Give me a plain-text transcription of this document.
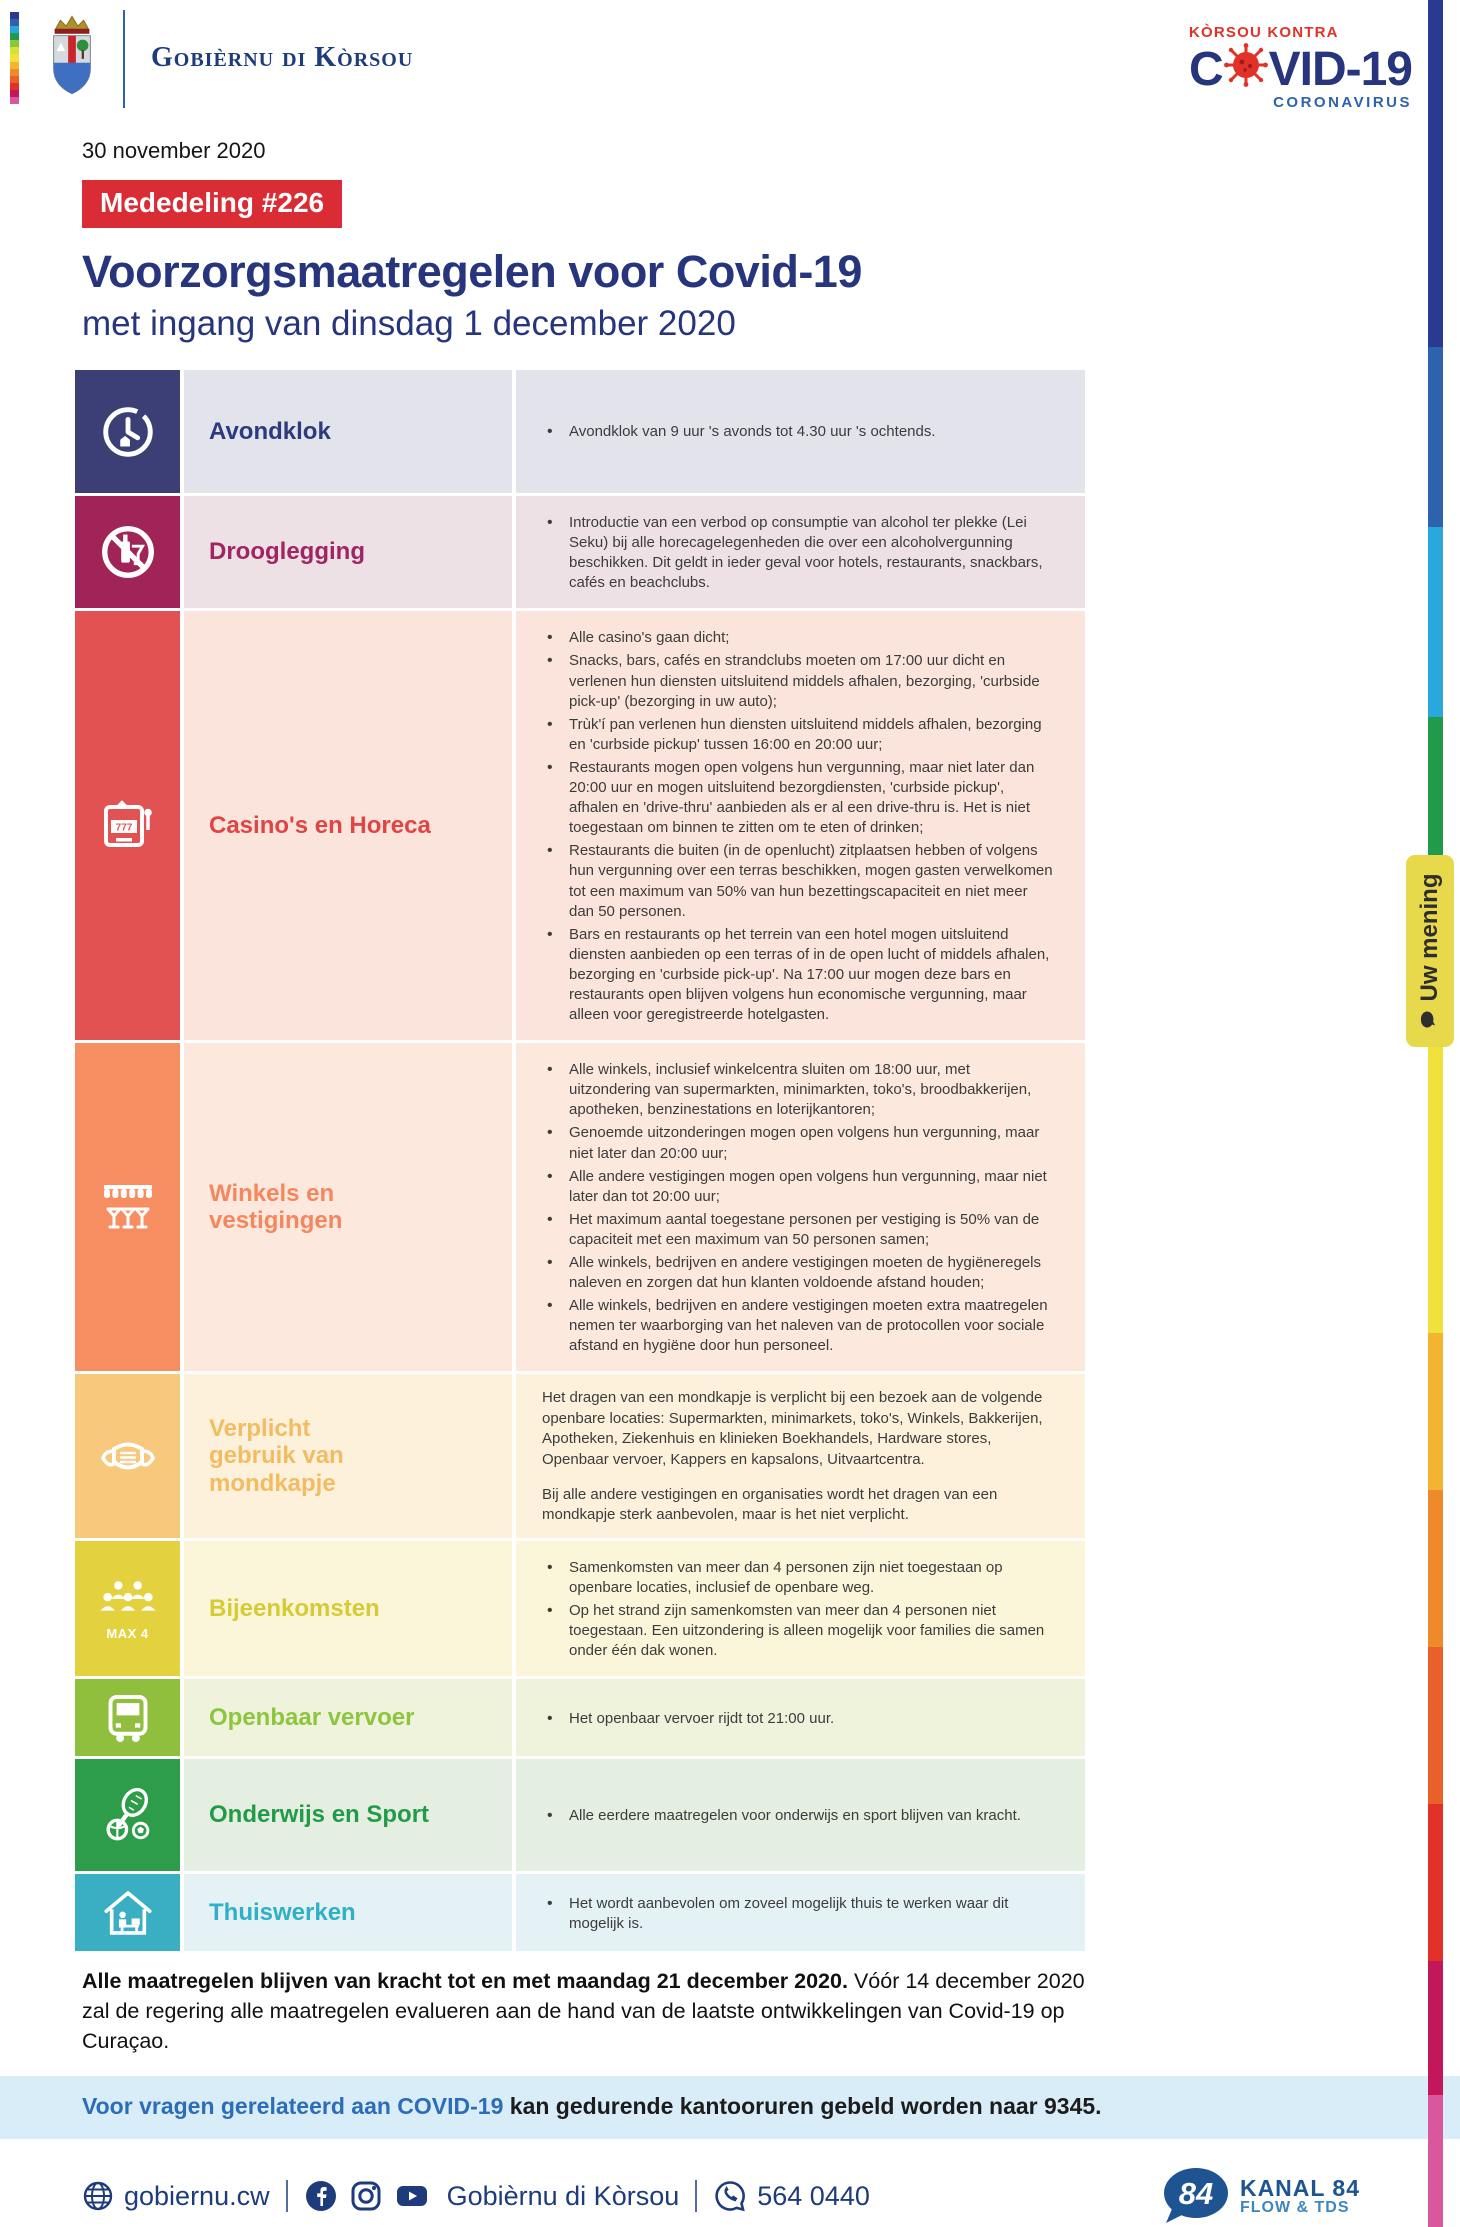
Uw mening
Gobièrnu di Kòrsou
KÒRSOU KONTRA
C VID-19
CORONAVIRUS
30 november 2020
Mededeling #226
Voorzorgsmaatregelen voor Covid-19
met ingang van dinsdag 1 december 2020
Avondklok	• Avondklok van 9 uur 's avonds tot 4.30 uur 's ochtends.
Drooglegging
• Introductie van een verbod op consumptie van alcohol ter plekke (Lei Seku) bij alle horecagelegenheden die over een alcoholvergunning beschikken. Dit geldt in ieder geval voor hotels, restaurants, snackbars, cafés en beachclubs.
777	Casino's en Horeca
• Alle casino's gaan dicht;
• Snacks, bars, cafés en strandclubs moeten om 17:00 uur dicht en verlenen hun diensten uitsluitend middels afhalen, bezorging, 'curbside pick-up' (bezorging in uw auto);
• Trùk'í pan verlenen hun diensten uitsluitend middels afhalen, bezorging en 'curbside pickup' tussen 16:00 en 20:00 uur;
• Restaurants mogen open volgens hun vergunning, maar niet later dan 20:00 uur en mogen uitsluitend bezorgdiensten, 'curbside pickup', afhalen en 'drive-thru' aanbieden als er al een drive-thru is. Het is niet toegestaan om binnen te zitten om te eten of drinken;
• Restaurants die buiten (in de openlucht) zitplaatsen hebben of volgens hun vergunning over een terras beschikken, mogen gasten verwelkomen tot een maximum van 50% van hun bezettingscapaciteit en niet meer dan 50 personen.
• Bars en restaurants op het terrein van een hotel mogen uitsluitend diensten aanbieden op een terras of in de open lucht of middels afhalen, bezorging en 'curbside pick-up'. Na 17:00 uur mogen deze bars en restaurants open blijven volgens hun economische vergunning, maar alleen voor geregistreerde hotelgasten.
Winkels en vestigingen
• Alle winkels, inclusief winkelcentra sluiten om 18:00 uur, met uitzondering van supermarkten, minimarkten, toko's, broodbakkerijen, apotheken, benzinestations en loterijkantoren;
• Genoemde uitzonderingen mogen open volgens hun vergunning, maar niet later dan 20:00 uur;
• Alle andere vestigingen mogen open volgens hun vergunning, maar niet later dan tot 20:00 uur;
• Het maximum aantal toegestane personen per vestiging is 50% van de capaciteit met een maximum van 50 personen samen;
• Alle winkels, bedrijven en andere vestigingen moeten de hygiëneregels naleven en zorgen dat hun klanten voldoende afstand houden;
• Alle winkels, bedrijven en andere vestigingen moeten extra maatregelen nemen ter waarborging van het naleven van de protocollen voor sociale afstand en hygiëne door hun personeel.
Verplicht gebruik van mondkapje

Het dragen van een mondkapje is verplicht bij een bezoek aan de volgende openbare locaties: Supermarkten, minimarkets, toko's, Winkels, Bakkerijen, Apotheken, Ziekenhuis en klinieken Boekhandels, Hardware stores, Openbaar vervoer, Kappers en kapsalons, Uitvaartcentra.

Bij alle andere vestigingen en organisaties wordt het dragen van een mondkapje sterk aanbevolen, maar is het niet verplicht.

MAX 4
Bijeenkomsten
• Samenkomsten van meer dan 4 personen zijn niet toegestaan op openbare locaties, inclusief de openbare weg.
• Op het strand zijn samenkomsten van meer dan 4 personen niet toegestaan. Een uitzondering is alleen mogelijk voor families die samen onder één dak wonen.
Openbaar vervoer	• Het openbaar vervoer rijdt tot 21:00 uur.
Onderwijs en Sport	• Alle eerdere maatregelen voor onderwijs en sport blijven van kracht.
Thuiswerken	• Het wordt aanbevolen om zoveel mogelijk thuis te werken waar dit mogelijk is.

Alle maatregelen blijven van kracht tot en met maandag 21 december 2020. Vóór 14 december 2020 zal de regering alle maatregelen evalueren aan de hand van de laatste ontwikkelingen van Covid-19 op Curaçao.

Voor vragen gerelateerd aan COVID-19 kan gedurende kantooruren gebeld worden naar 9345.
gobiernu.cw	Gobièrnu di Kòrsou	564 0440	84 KANAL 84
FLOW & TDS
